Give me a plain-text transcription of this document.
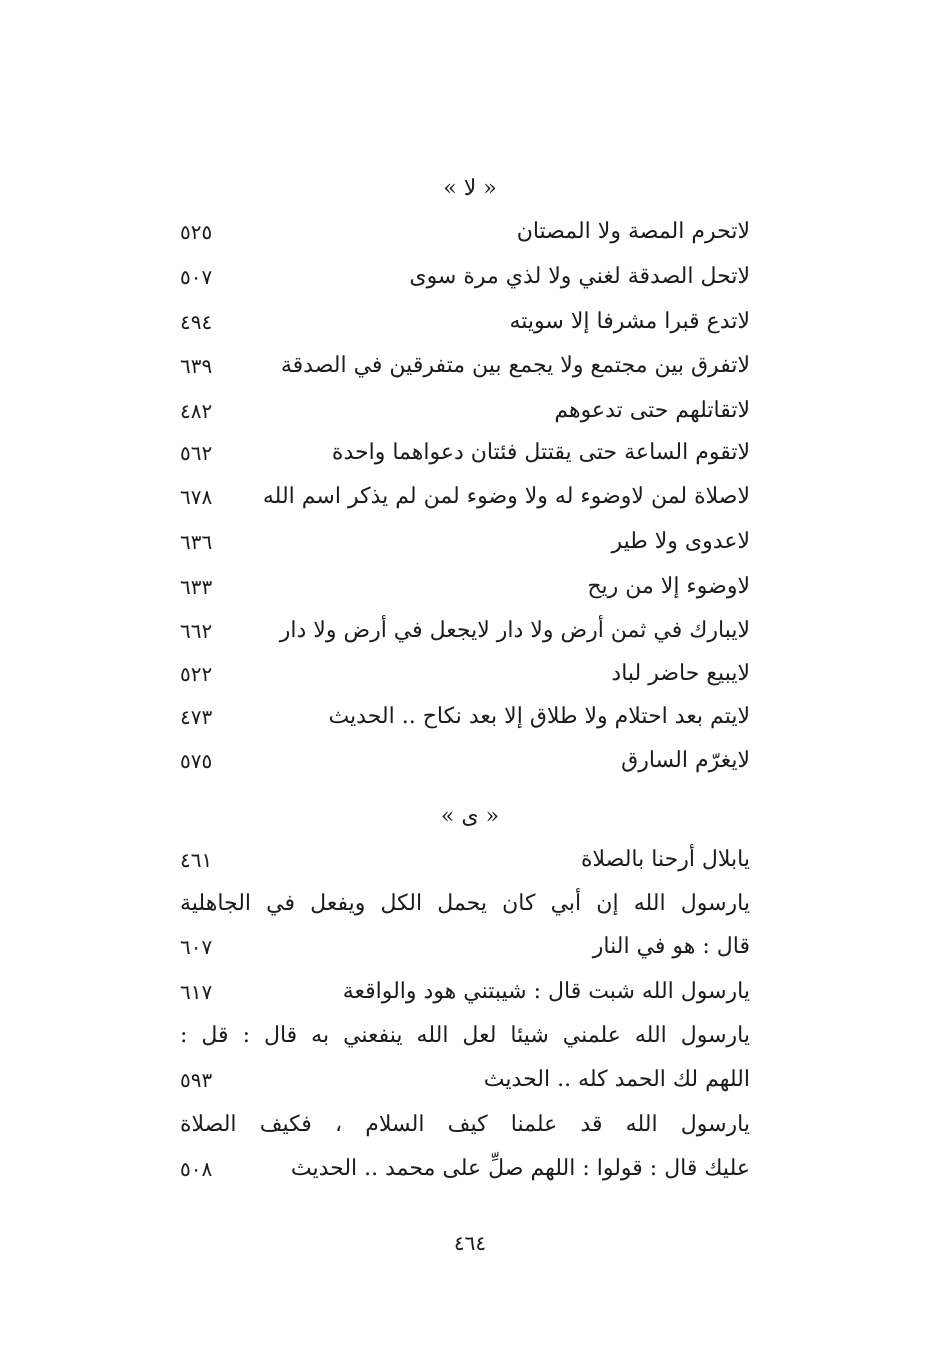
« لا »
لاتحرم المصة ولا المصتان
٥٢٥
لاتحل الصدقة لغني ولا لذي مرة سوى
٥٠٧
لاتدع قبرا مشرفا إلا سويته
٤٩٤
لاتفرق بين مجتمع ولا يجمع بين متفرقين في الصدقة
٦٣٩
لاتقاتلهم حتى تدعوهم
٤٨٢
لاتقوم الساعة حتى يقتتل فئتان دعواهما واحدة
٥٦٢
لاصلاة لمن لاوضوء له ولا وضوء لمن لم يذكر اسم الله
٦٧٨
لاعدوى ولا طير
٦٣٦
لاوضوء إلا من ريح
٦٣٣
لايبارك في ثمن أرض ولا دار لايجعل في أرض ولا دار
٦٦٢
لايبيع حاضر لباد
٥٢٢
لايتم بعد احتلام ولا طلاق إلا بعد نكاح .. الحديث
٤٧٣
لايغرّم السارق
٥٧٥
« ى »
يابلال أرحنا بالصلاة
٤٦١
يارسول الله إن أبي كان يحمل الكل ويفعل في الجاهلية
قال : هو في النار
٦٠٧
يارسول الله شبت قال : شيبتني هود والواقعة
٦١٧
يارسول الله علمني شيئا لعل الله ينفعني به قال : قل :
اللهم لك الحمد كله .. الحديث
٥٩٣
يارسول الله قد علمنا كيف السلام ، فكيف الصلاة
عليك قال : قولوا : اللهم صلِّ على محمد .. الحديث
٥٠٨
٤٦٤
